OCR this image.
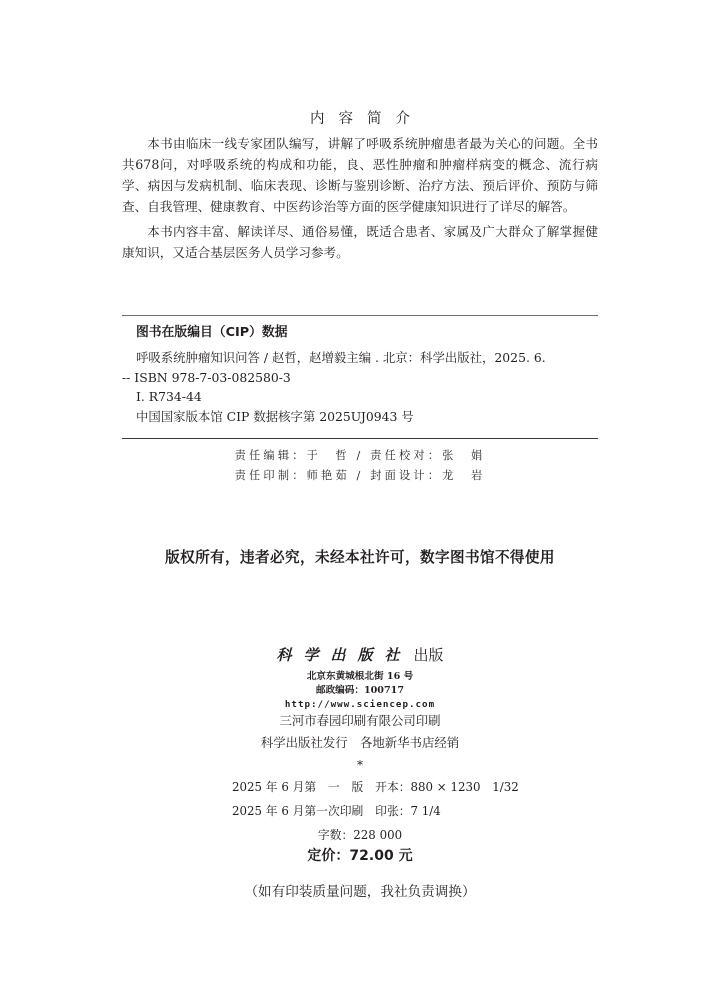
内容简介

本书由临床一线专家团队编写，讲解了呼吸系统肿瘤患者最为关心的问题。全书共678问，对呼吸系统的构成和功能，良、恶性肿瘤和肿瘤样病变的概念、流行病学、病因与发病机制、临床表现、诊断与鉴别诊断、治疗方法、预后评价、预防与筛查、自我管理、健康教育、中医药诊治等方面的医学健康知识进行了详尽的解答。

本书内容丰富、解读详尽、通俗易懂，既适合患者、家属及广大群众了解掌握健康知识，又适合基层医务人员学习参考。

图书在版编目（CIP）数据
呼吸系统肿瘤知识问答 / 赵哲，赵增毅主编 . 北京：科学出版社，2025. 6.
-- ISBN 978-7-03-082580-3
Ⅰ. R734-44
中国国家版本馆 CIP 数据核字第 2025UJ0943 号
责任编辑：于　哲 / 责任校对：张　娟
责任印制：师艳茹 / 封面设计：龙　岩
版权所有，违者必究，未经本社许可，数字图书馆不得使用
科学出版社 出版
北京东黄城根北街 16 号
邮政编码：100717
http://www.sciencep.com
三河市春园印刷有限公司印刷
科学出版社发行　各地新华书店经销
*
2025 年 6 月第　一　版　开本：880 × 1230　1/32
2025 年 6 月第一次印刷　印张：7 1/4
字数：228 000
定价：72.00 元
（如有印装质量问题，我社负责调换）
